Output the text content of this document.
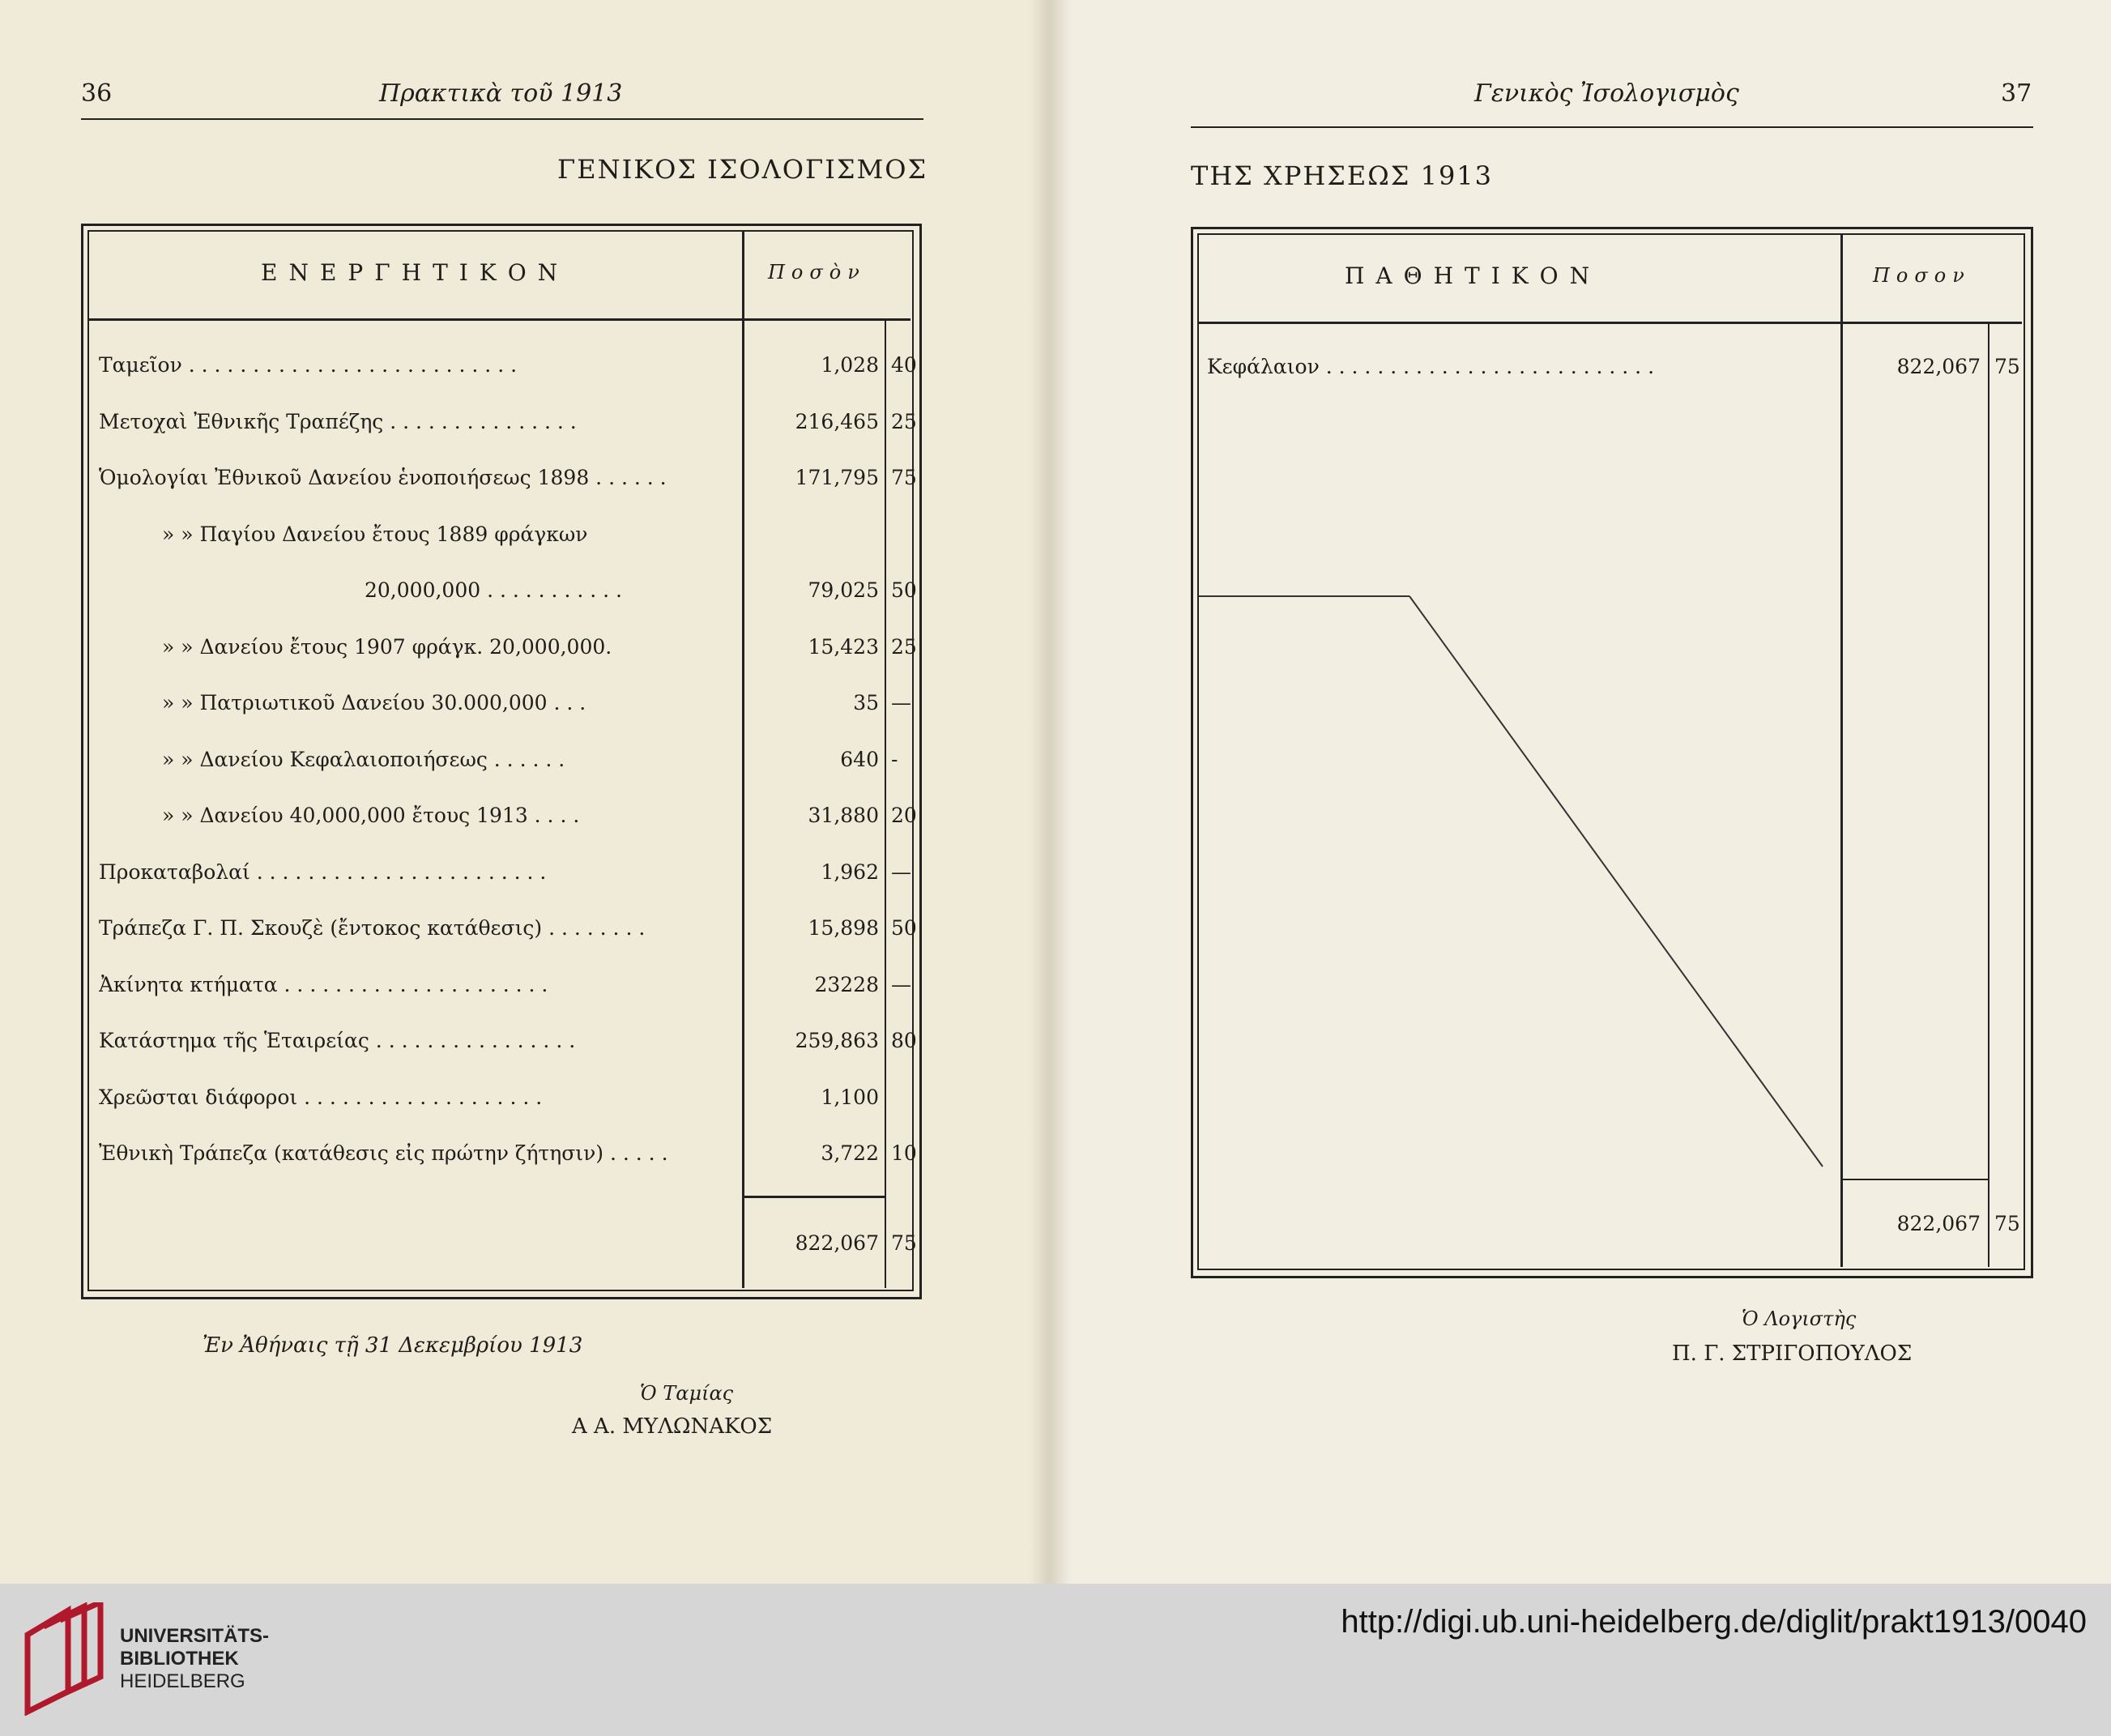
36	Πρακτικὰ τοῦ 1913
ΓΕΝΙΚΟΣ ΙΣΟΛΟΓΙΣΜΟΣ
ΕΝΕΡΓΗΤΙΚΟΝ	Ποσὸν
Ταμεῖον . . . . . . . . . . . . . . . . . . . . . . . . . .	1,028 40
Μετοχαὶ Ἐθνικῆς Τραπέζης . . . . . . . . . . . . . . .	216,465 25
Ὁμολογίαι Ἐθνικοῦ Δανείου ἑνοποιήσεως 1898 . . . . . .	171,795 75
» » Παγίου Δανείου ἔτους 1889 φράγκων
20,000,000 . . . . . . . . . . .	79,025 50
» » Δανείου ἔτους 1907 φράγκ. 20,000,000.	15,423 25
» » Πατριωτικοῦ Δανείου 30.000,000 . . .	35 —
» » Δανείου Κεφαλαιοποιήσεως . . . . . .	640 -
» » Δανείου 40,000,000 ἔτους 1913 . . . .	31,880 20
Προκαταβολαί . . . . . . . . . . . . . . . . . . . . . . .	1,962 —
Τράπεζα Γ. Π. Σκουζὲ (ἔντοκος κατάθεσις) . . . . . . . .	15,898 50
Ἀκίνητα κτήματα . . . . . . . . . . . . . . . . . . . . .	23228 —
Κατάστημα τῆς Ἑταιρείας . . . . . . . . . . . . . . . .	259,863 80
Χρεῶσται διάφοροι . . . . . . . . . . . . . . . . . . .	1,100
Ἐθνικὴ Τράπεζα (κατάθεσις εἰς πρώτην ζήτησιν) . . . . .	3,722 10
822,067 75
Ἐν Ἀθήναις τῇ 31 Δεκεμβρίου 1913
Ὁ Ταμίας
Α Α. ΜΥΛΩΝΑΚΟΣ
Γενικὸς Ἰσολογισμὸς	37
ΤΗΣ ΧΡΗΣΕΩΣ 1913
ΠΑΘΗΤΙΚΟΝ	Ποσον
Κεφάλαιον . . . . . . . . . . . . . . . . . . . . . . . . . .	822,067 75
822,067 75
Ὁ Λογιστὴς
Π. Γ. ΣΤΡΙΓΟΠΟΥΛΟΣ
UNIVERSITÄTS-
BIBLIOTHEK
HEIDELBERG
http://digi.ub.uni-heidelberg.de/diglit/prakt1913/0040
